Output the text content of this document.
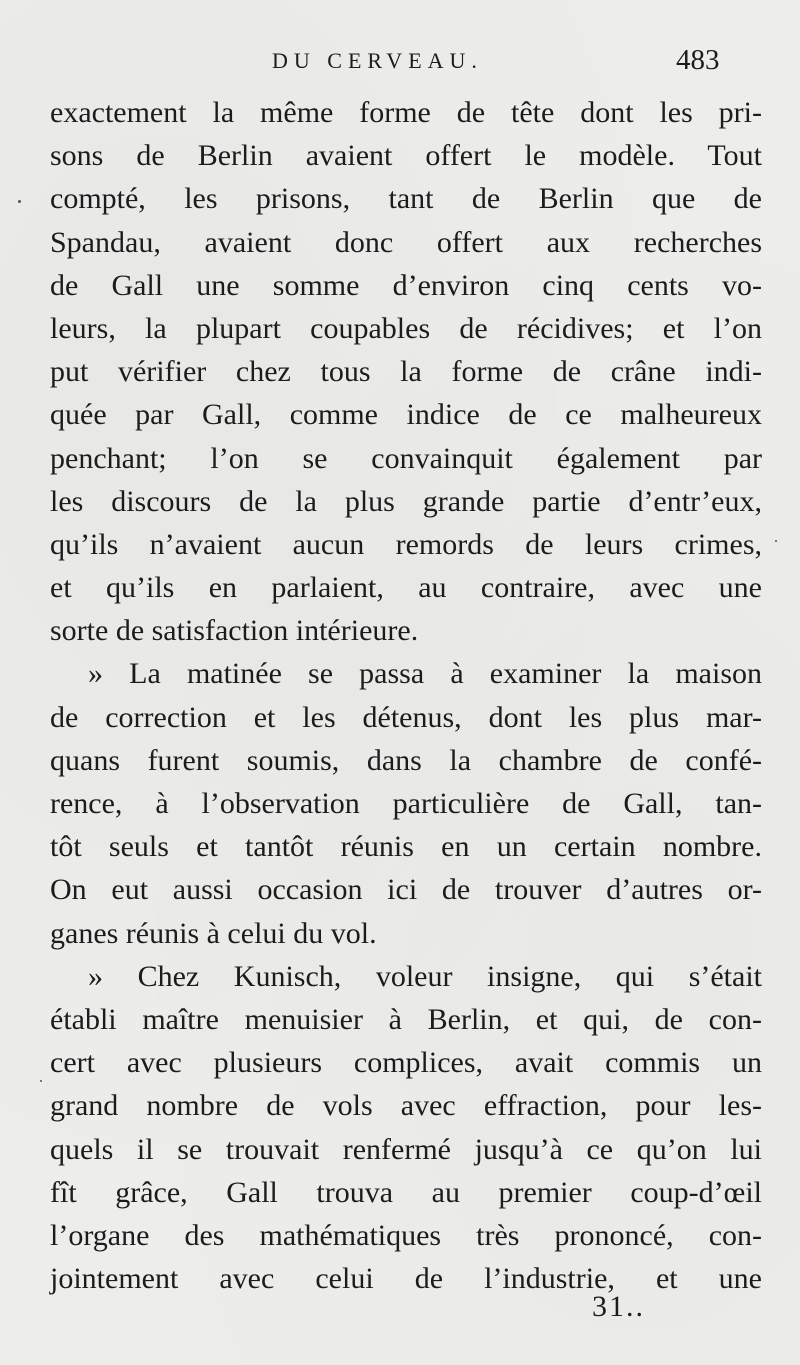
DU CERVEAU.	483
exactement la même forme de tête dont les pri-
sons de Berlin avaient offert le modèle. Tout
compté, les prisons, tant de Berlin que de
Spandau, avaient donc offert aux recherches
de Gall une somme d’environ cinq cents vo-
leurs, la plupart coupables de récidives; et l’on
put vérifier chez tous la forme de crâne indi-
quée par Gall, comme indice de ce malheureux
penchant; l’on se convainquit également par
les discours de la plus grande partie d’entr’eux,
qu’ils n’avaient aucun remords de leurs crimes,
et qu’ils en parlaient, au contraire, avec une
sorte de satisfaction intérieure.
» La matinée se passa à examiner la maison
de correction et les détenus, dont les plus mar-
quans furent soumis, dans la chambre de confé-
rence, à l’observation particulière de Gall, tan-
tôt seuls et tantôt réunis en un certain nombre.
On eut aussi occasion ici de trouver d’autres or-
ganes réunis à celui du vol.
» Chez Kunisch, voleur insigne, qui s’était
établi maître menuisier à Berlin, et qui, de con-
cert avec plusieurs complices, avait commis un
grand nombre de vols avec effraction, pour les-
quels il se trouvait renfermé jusqu’à ce qu’on lui
fît grâce, Gall trouva au premier coup-d’œil
l’organe des mathématiques très prononcé, con-
jointement avec celui de l’industrie, et une
31..
